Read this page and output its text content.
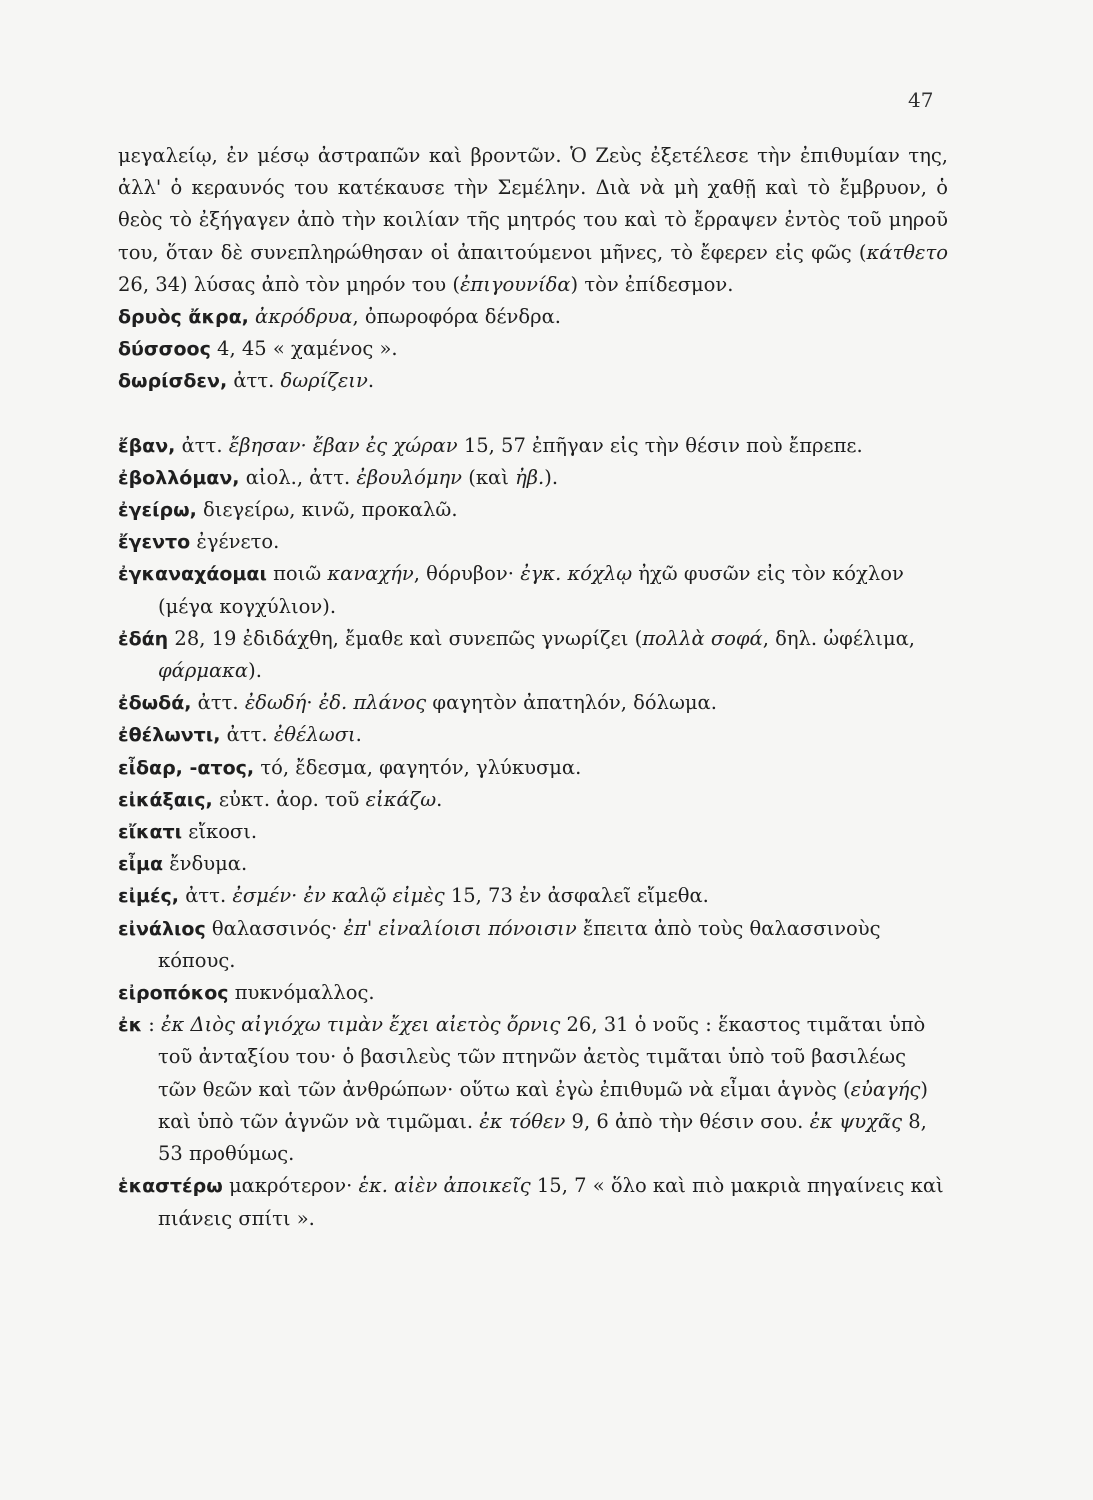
47
μεγαλείῳ, ἐν μέσῳ ἀστραπῶν καὶ βροντῶν. Ὁ Ζεὺς ἐξετέλεσε τὴν ἐπιθυμίαν της, ἀλλ' ὁ κεραυνός του κατέκαυσε τὴν Σεμέλην. Διὰ νὰ μὴ χαθῇ καὶ τὸ ἔμβρυον, ὁ θεὸς τὸ ἐξήγαγεν ἀπὸ τὴν κοιλίαν τῆς μητρός του καὶ τὸ ἔρραψεν ἐντὸς τοῦ μηροῦ του, ὅταν δὲ συνεπληρώθησαν οἱ ἀπαιτούμενοι μῆνες, τὸ ἔφερεν εἰς φῶς (κάτθετο 26, 34) λύσας ἀπὸ τὸν μηρόν του (ἐπιγουνίδα) τὸν ἐπίδεσμον.
δρυὸς ἄκρα, ἀκρόδρυα, ὀπωροφόρα δένδρα.
δύσσοος 4, 45 « χαμένος ».
δωρίσδεν, ἀττ. δωρίζειν.
ἔβαν, ἀττ. ἔβησαν· ἔβαν ἐς χώραν 15, 57 ἐπῆγαν εἰς τὴν θέσιν ποὺ ἔπρεπε.
ἐβολλόμαν, αἰολ., ἀττ. ἐβουλόμην (καὶ ἠβ.).
ἐγείρω, διεγείρω, κινῶ, προκαλῶ.
ἔγεντο ἐγένετο.
ἐγκαναχάομαι ποιῶ καναχήν, θόρυβον· ἐγκ. κόχλῳ ἠχῶ φυσῶν εἰς τὸν κόχλον (μέγα κογχύλιον).
ἐδάη 28, 19 ἐδιδάχθη, ἔμαθε καὶ συνεπῶς γνωρίζει (πολλὰ σοφά, δηλ. ὠφέλιμα, φάρμακα).
ἐδωδά, ἀττ. ἐδωδή· ἐδ. πλάνος φαγητὸν ἀπατηλόν, δόλωμα.
ἐθέλωντι, ἀττ. ἐθέλωσι.
εἶδαρ, -ατος, τό, ἔδεσμα, φαγητόν, γλύκυσμα.
εἰκάξαις, εὐκτ. ἀορ. τοῦ εἰκάζω.
εἴκατι εἴκοσι.
εἶμα ἔνδυμα.
εἰμές, ἀττ. ἐσμέν· ἐν καλῷ εἰμὲς 15, 73 ἐν ἀσφαλεῖ εἴμεθα.
εἰνάλιος θαλασσινός· ἐπ' εἰναλίοισι πόνοισιν ἔπειτα ἀπὸ τοὺς θαλασσινοὺς κόπους.
εἰροπόκος πυκνόμαλλος.
ἐκ : ἐκ Διὸς αἰγιόχω τιμὰν ἔχει αἰετὸς ὄρνις 26, 31 ὁ νοῦς : ἕκαστος τιμᾶται ὑπὸ τοῦ ἀνταξίου του· ὁ βασιλεὺς τῶν πτηνῶν ἀετὸς τιμᾶται ὑπὸ τοῦ βασιλέως τῶν θεῶν καὶ τῶν ἀνθρώπων· οὕτω καὶ ἐγὼ ἐπιθυμῶ νὰ εἶμαι ἁγνὸς (εὐαγής) καὶ ὑπὸ τῶν ἁγνῶν νὰ τιμῶμαι. ἐκ τόθεν 9, 6 ἀπὸ τὴν θέσιν σου. ἐκ ψυχᾶς 8, 53 προθύμως.
ἑκαστέρω μακρότερον· ἑκ. αἰὲν ἀποικεῖς 15, 7 « ὅλο καὶ πιὸ μακριὰ πηγαίνεις καὶ πιάνεις σπίτι ».
